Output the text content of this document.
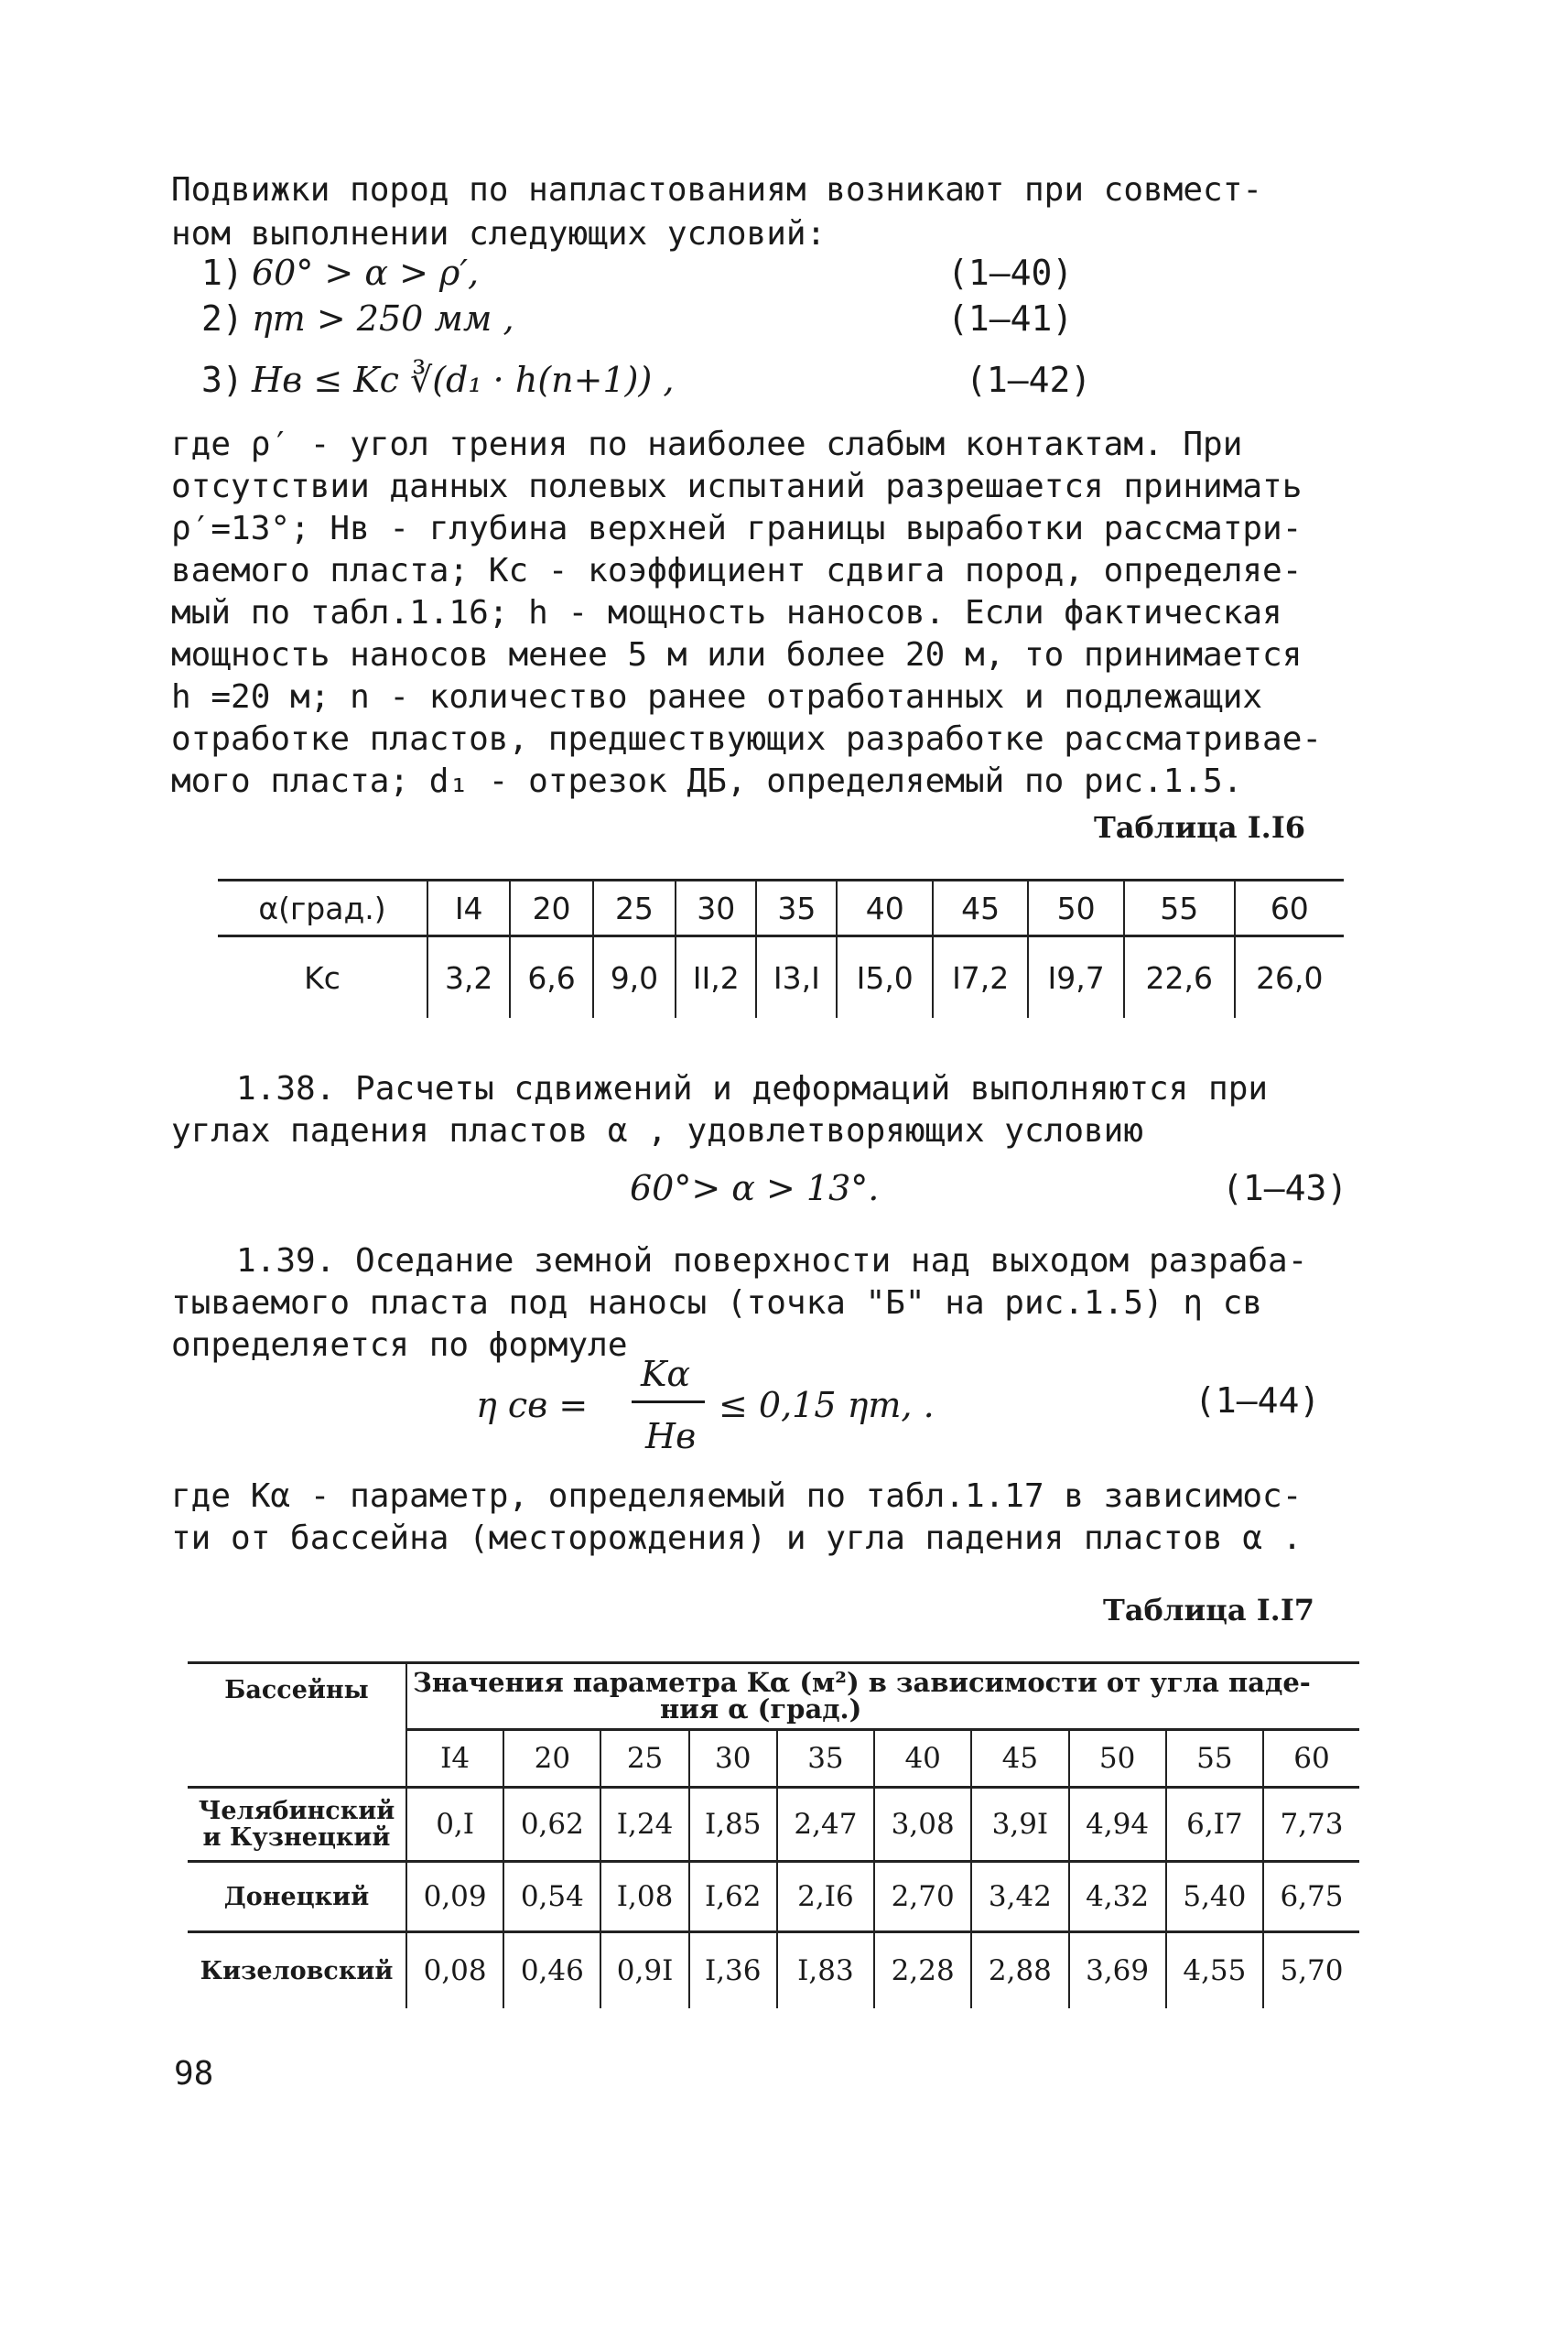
Подвижки пород по напластованиям возникают при совмест-
ном выполнении следующих условий:
1) 60° > α > ρ′,	(1–40)
2) ηm > 250 мм ,	(1–41)
3) Hв ≤ Kc ∛(d₁ · h(n+1)) ,	(1–42)
где ρ′ - угол трения по наиболее слабым контактам. При
отсутствии данных полевых испытаний разрешается принимать
ρ′=13°; Hв - глубина верхней границы выработки рассматри-
ваемого пласта; Kc - коэффициент сдвига пород, определяе-
мый по табл.1.16; h - мощность наносов. Если фактическая
мощность наносов менее 5 м или более 20 м, то принимается
h =20 м; n - количество ранее отработанных и подлежащих
отработке пластов, предшествующих разработке рассматривае-
мого пласта; d₁ - отрезок ДБ, определяемый по рис.1.5.
Таблица I.I6
α(град.)	I4	20	25	30	35	40	45	50	55	60
Kc	3,2	6,6	9,0	II,2	I3,I	I5,0	I7,2	I9,7	22,6	26,0
1.38. Расчеты сдвижений и деформаций выполняются при
углах падения пластов α , удовлетворяющих условию
60°> α > 13°.	(1–43)
1.39. Оседание земной поверхности над выходом разраба-
тываемого пласта под наносы (точка "Б" на рис.1.5) η св
определяется по формуле
η св =
Kα
Hв
≤ 0,15 ηm, .	(1–44)
где Kα - параметр, определяемый по табл.1.17 в зависимос-
ти от бассейна (месторождения) и угла падения пластов α .
Таблица I.I7
Бассейны	Значения параметра Kα (м²) в зависимости от угла паде-
ния α (град.)									

	I4	20	25	30	35	40	45	50	55	60

Челябинский
и Кузнецкий	0,I	0,62	I,24	I,85	2,47	3,08	3,9I	4,94	6,I7	7,73
Донецкий	0,09	0,54	I,08	I,62	2,I6	2,70	3,42	4,32	5,40	6,75
Кизеловский	0,08	0,46	0,9I	I,36	I,83	2,28	2,88	3,69	4,55	5,70
98
